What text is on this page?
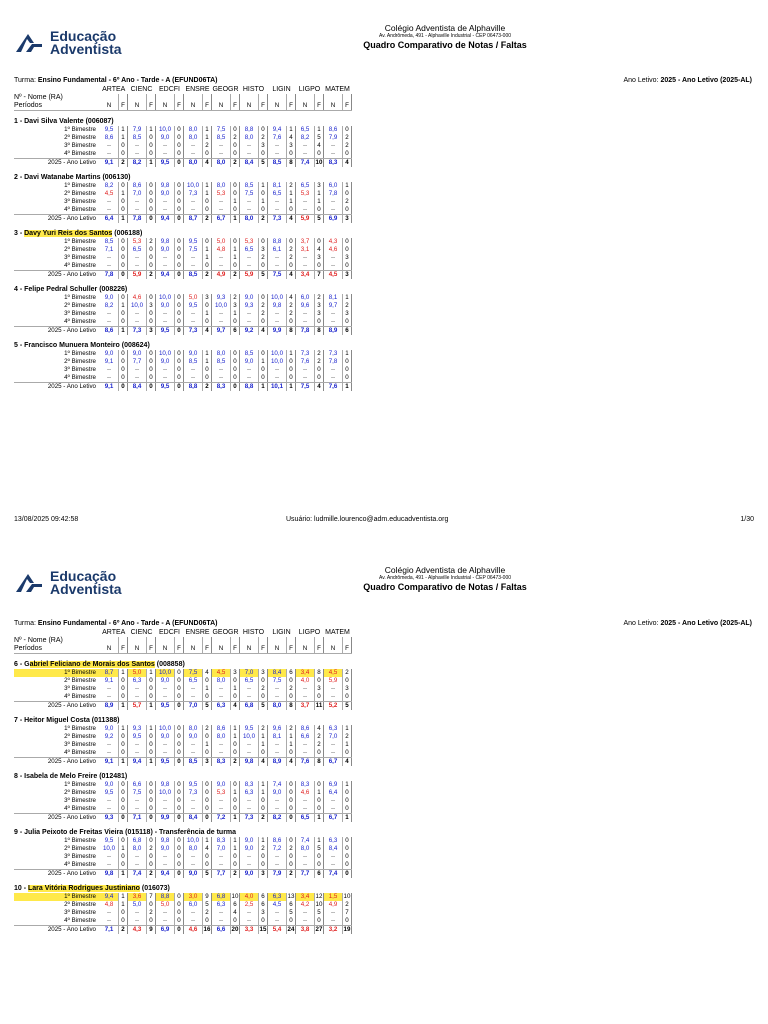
Educação
Adventista
Colégio Adventista de Alphaville
Av. Andrômeda, 491 - Alphaville Industrial - CEP 06473-000
Quadro Comparativo de Notas / Faltas
Turma: Ensino Fundamental - 6º Ano - Tarde - A (EFUND06TA)	Ano Letivo: 2025 - Ano Letivo (2025-AL)
	ARTEA		CIENC		EDCFI		ENSRE		GEOGR		HISTO		LIGIN		LIGPO		MATEM	
Nº - Nome (RA)																		
Períodos	N	F	N	F	N	F	N	F	N	F	N	F	N	F	N	F	N	F
1 - Davi Silva Valente (006087)
1º Bimestre	9,5	1	7,9	1	10,0	0	8,0	1	7,5	0	8,8	0	9,4	1	6,5	1	8,6	0
2º Bimestre	8,6	1	8,5	0	9,0	0	8,0	1	8,5	2	8,0	2	7,6	4	8,2	5	7,9	2
3º Bimestre	--	0	--	0	--	0	--	2	--	0	--	3	--	3	--	4	--	2
4º Bimestre	--	0	--	0	--	0	--	0	--	0	--	0	--	0	--	0	--	0
2025 - Ano Letivo	9,1	2	8,2	1	9,5	0	8,0	4	8,0	2	8,4	5	8,5	8	7,4	10	8,3	4
2 - Davi Watanabe Martins (006130)
1º Bimestre	8,2	0	8,6	0	9,8	0	10,0	1	8,0	0	8,5	1	8,1	2	6,5	3	6,0	1
2º Bimestre	4,5	1	7,0	0	9,0	0	7,3	1	5,3	0	7,5	0	6,5	1	5,3	1	7,8	0
3º Bimestre	--	0	--	0	--	0	--	0	--	1	--	1	--	1	--	1	--	2
4º Bimestre	--	0	--	0	--	0	--	0	--	0	--	0	--	0	--	0	--	0
2025 - Ano Letivo	6,4	1	7,8	0	9,4	0	8,7	2	6,7	1	8,0	2	7,3	4	5,9	5	6,9	3
3 - Davy Yuri Reis dos Santos (006188)
1º Bimestre	8,5	0	5,3	2	9,8	0	9,5	0	5,0	0	5,3	0	8,8	0	3,7	0	4,3	0
2º Bimestre	7,1	0	6,5	0	9,0	0	7,5	1	4,8	1	6,5	3	6,1	2	3,1	4	4,6	0
3º Bimestre	--	0	--	0	--	0	--	1	--	1	--	2	--	2	--	3	--	3
4º Bimestre	--	0	--	0	--	0	--	0	--	0	--	0	--	0	--	0	--	0
2025 - Ano Letivo	7,8	0	5,9	2	9,4	0	8,5	2	4,9	2	5,9	5	7,5	4	3,4	7	4,5	3
4 - Felipe Pedral Schuller (008226)
1º Bimestre	9,0	0	4,6	0	10,0	0	5,0	3	9,3	2	9,0	0	10,0	4	6,0	2	8,1	1
2º Bimestre	8,2	1	10,0	3	9,0	0	9,5	0	10,0	3	9,3	2	9,8	2	9,6	3	9,7	2
3º Bimestre	--	0	--	0	--	0	--	1	--	1	--	2	--	2	--	3	--	3
4º Bimestre	--	0	--	0	--	0	--	0	--	0	--	0	--	0	--	0	--	0
2025 - Ano Letivo	8,6	1	7,3	3	9,5	0	7,3	4	9,7	6	9,2	4	9,9	8	7,8	8	8,9	6
5 - Francisco Munuera Monteiro (008624)
1º Bimestre	9,0	0	9,0	0	10,0	0	9,0	1	8,0	0	8,5	0	10,0	1	7,3	2	7,3	1
2º Bimestre	9,1	0	7,7	0	9,0	0	8,5	1	8,5	0	9,0	1	10,0	0	7,6	2	7,8	0
3º Bimestre	--	0	--	0	--	0	--	0	--	0	--	0	--	0	--	0	--	0
4º Bimestre	--	0	--	0	--	0	--	0	--	0	--	0	--	0	--	0	--	0
2025 - Ano Letivo	9,1	0	8,4	0	9,5	0	8,8	2	8,3	0	8,8	1	10,1	1	7,5	4	7,6	1
13/08/2025 09:42:58	Usuário: ludmille.lourenco@adm.educadventista.org	1/30
Educação
Adventista
Colégio Adventista de Alphaville
Av. Andrômeda, 491 - Alphaville Industrial - CEP 06473-000
Quadro Comparativo de Notas / Faltas
Turma: Ensino Fundamental - 6º Ano - Tarde - A (EFUND06TA)	Ano Letivo: 2025 - Ano Letivo (2025-AL)
	ARTEA		CIENC		EDCFI		ENSRE		GEOGR		HISTO		LIGIN		LIGPO		MATEM	
Nº - Nome (RA)																		
Períodos	N	F	N	F	N	F	N	F	N	F	N	F	N	F	N	F	N	F
6 - Gabriel Feliciano de Morais dos Santos (008858)
1º Bimestre	8,7	1	5,0	1	10,0	0	7,5	4	4,5	3	7,0	3	8,4	6	3,4	8	4,5	2
2º Bimestre	9,1	0	6,3	0	9,0	0	6,5	0	8,0	0	6,5	0	7,5	0	4,0	0	5,9	0
3º Bimestre	--	0	--	0	--	0	--	1	--	1	--	2	--	2	--	3	--	3
4º Bimestre	--	0	--	0	--	0	--	0	--	0	--	0	--	0	--	0	--	0
2025 - Ano Letivo	8,9	1	5,7	1	9,5	0	7,0	5	6,3	4	6,8	5	8,0	8	3,7	11	5,2	5
7 - Heitor Miguel Costa (011388)
1º Bimestre	9,0	1	9,3	1	10,0	0	8,0	2	8,6	1	9,5	2	9,6	2	8,6	4	6,3	1
2º Bimestre	9,2	0	9,5	0	9,0	0	9,0	0	8,0	1	10,0	1	8,1	1	6,6	2	7,0	2
3º Bimestre	--	0	--	0	--	0	--	1	--	0	--	1	--	1	--	2	--	1
4º Bimestre	--	0	--	0	--	0	--	0	--	0	--	0	--	0	--	0	--	0
2025 - Ano Letivo	9,1	1	9,4	1	9,5	0	8,5	3	8,3	2	9,8	4	8,9	4	7,6	8	6,7	4
8 - Isabela de Melo Freire (012481)
1º Bimestre	9,0	0	6,6	0	9,8	0	9,5	0	9,0	0	8,3	1	7,4	0	8,3	0	6,9	1
2º Bimestre	9,5	0	7,5	0	10,0	0	7,3	0	5,3	1	6,3	1	9,0	0	4,6	1	6,4	0
3º Bimestre	--	0	--	0	--	0	--	0	--	0	--	0	--	0	--	0	--	0
4º Bimestre	--	0	--	0	--	0	--	0	--	0	--	0	--	0	--	0	--	0
2025 - Ano Letivo	9,3	0	7,1	0	9,9	0	8,4	0	7,2	1	7,3	2	8,2	0	6,5	1	6,7	1
9 - Julia Peixoto de Freitas Vieira (015118) - Transferência de turma
1º Bimestre	9,5	0	6,8	0	9,8	0	10,0	1	8,3	1	9,0	1	8,6	0	7,4	1	6,3	0
2º Bimestre	10,0	1	8,0	2	9,0	0	8,0	4	7,0	1	9,0	2	7,2	2	8,0	5	8,4	0
3º Bimestre	--	0	--	0	--	0	--	0	--	0	--	0	--	0	--	0	--	0
4º Bimestre	--	0	--	0	--	0	--	0	--	0	--	0	--	0	--	0	--	0
2025 - Ano Letivo	9,8	1	7,4	2	9,4	0	9,0	5	7,7	2	9,0	3	7,9	2	7,7	6	7,4	0
10 - Lara Vitória Rodrigues Justiniano (016073)
1º Bimestre	9,4	1	3,6	7	8,8	0	3,0	9	6,8	10	4,0	6	6,3	13	3,4	12	1,5	10
2º Bimestre	4,8	1	5,0	0	5,0	0	6,0	5	6,3	6	2,5	6	4,5	6	4,2	10	4,9	2
3º Bimestre	--	0	--	2	--	0	--	2	--	4	--	3	--	5	--	5	--	7
4º Bimestre	--	0	--	0	--	0	--	0	--	0	--	0	--	0	--	0	--	0
2025 - Ano Letivo	7,1	2	4,3	9	6,9	0	4,6	16	6,6	20	3,3	15	5,4	24	3,8	27	3,2	19
